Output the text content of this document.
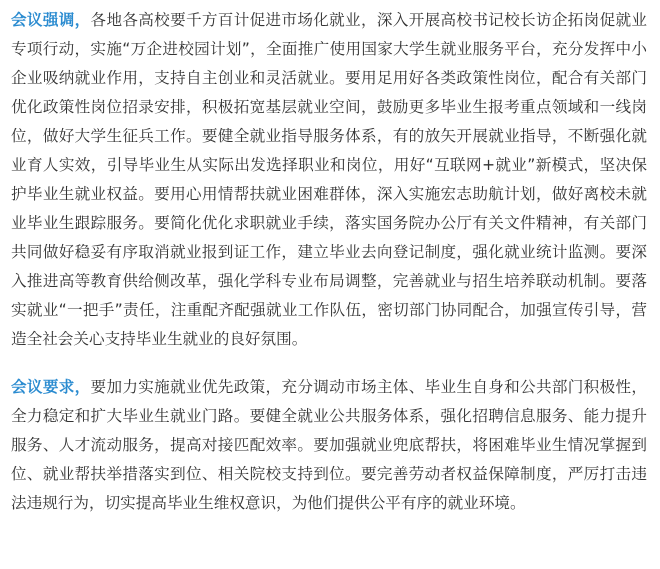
会议强调，各地各高校要千方百计促进市场化就业，深入开展高校书记校长访企拓岗促就业专项行动，实施“万企进校园计划”，全面推广使用国家大学生就业服务平台，充分发挥中小企业吸纳就业作用，支持自主创业和灵活就业。要用足用好各类政策性岗位，配合有关部门优化政策性岗位招录安排，积极拓宽基层就业空间，鼓励更多毕业生报考重点领域和一线岗位，做好大学生征兵工作。要健全就业指导服务体系，有的放矢开展就业指导，不断强化就业育人实效，引导毕业生从实际出发选择职业和岗位，用好“互联网+就业”新模式，坚决保护毕业生就业权益。要用心用情帮扶就业困难群体，深入实施宏志助航计划，做好离校未就业毕业生跟踪服务。要简化优化求职就业手续，落实国务院办公厅有关文件精神，有关部门共同做好稳妥有序取消就业报到证工作，建立毕业去向登记制度，强化就业统计监测。要深入推进高等教育供给侧改革，强化学科专业布局调整，完善就业与招生培养联动机制。要落实就业“一把手”责任，注重配齐配强就业工作队伍，密切部门协同配合，加强宣传引导，营造全社会关心支持毕业生就业的良好氛围。

会议要求，要加力实施就业优先政策，充分调动市场主体、毕业生自身和公共部门积极性，全力稳定和扩大毕业生就业门路。要健全就业公共服务体系，强化招聘信息服务、能力提升服务、人才流动服务，提高对接匹配效率。要加强就业兜底帮扶，将困难毕业生情况掌握到位、就业帮扶举措落实到位、相关院校支持到位。要完善劳动者权益保障制度，严厉打击违法违规行为，切实提高毕业生维权意识，为他们提供公平有序的就业环境。
